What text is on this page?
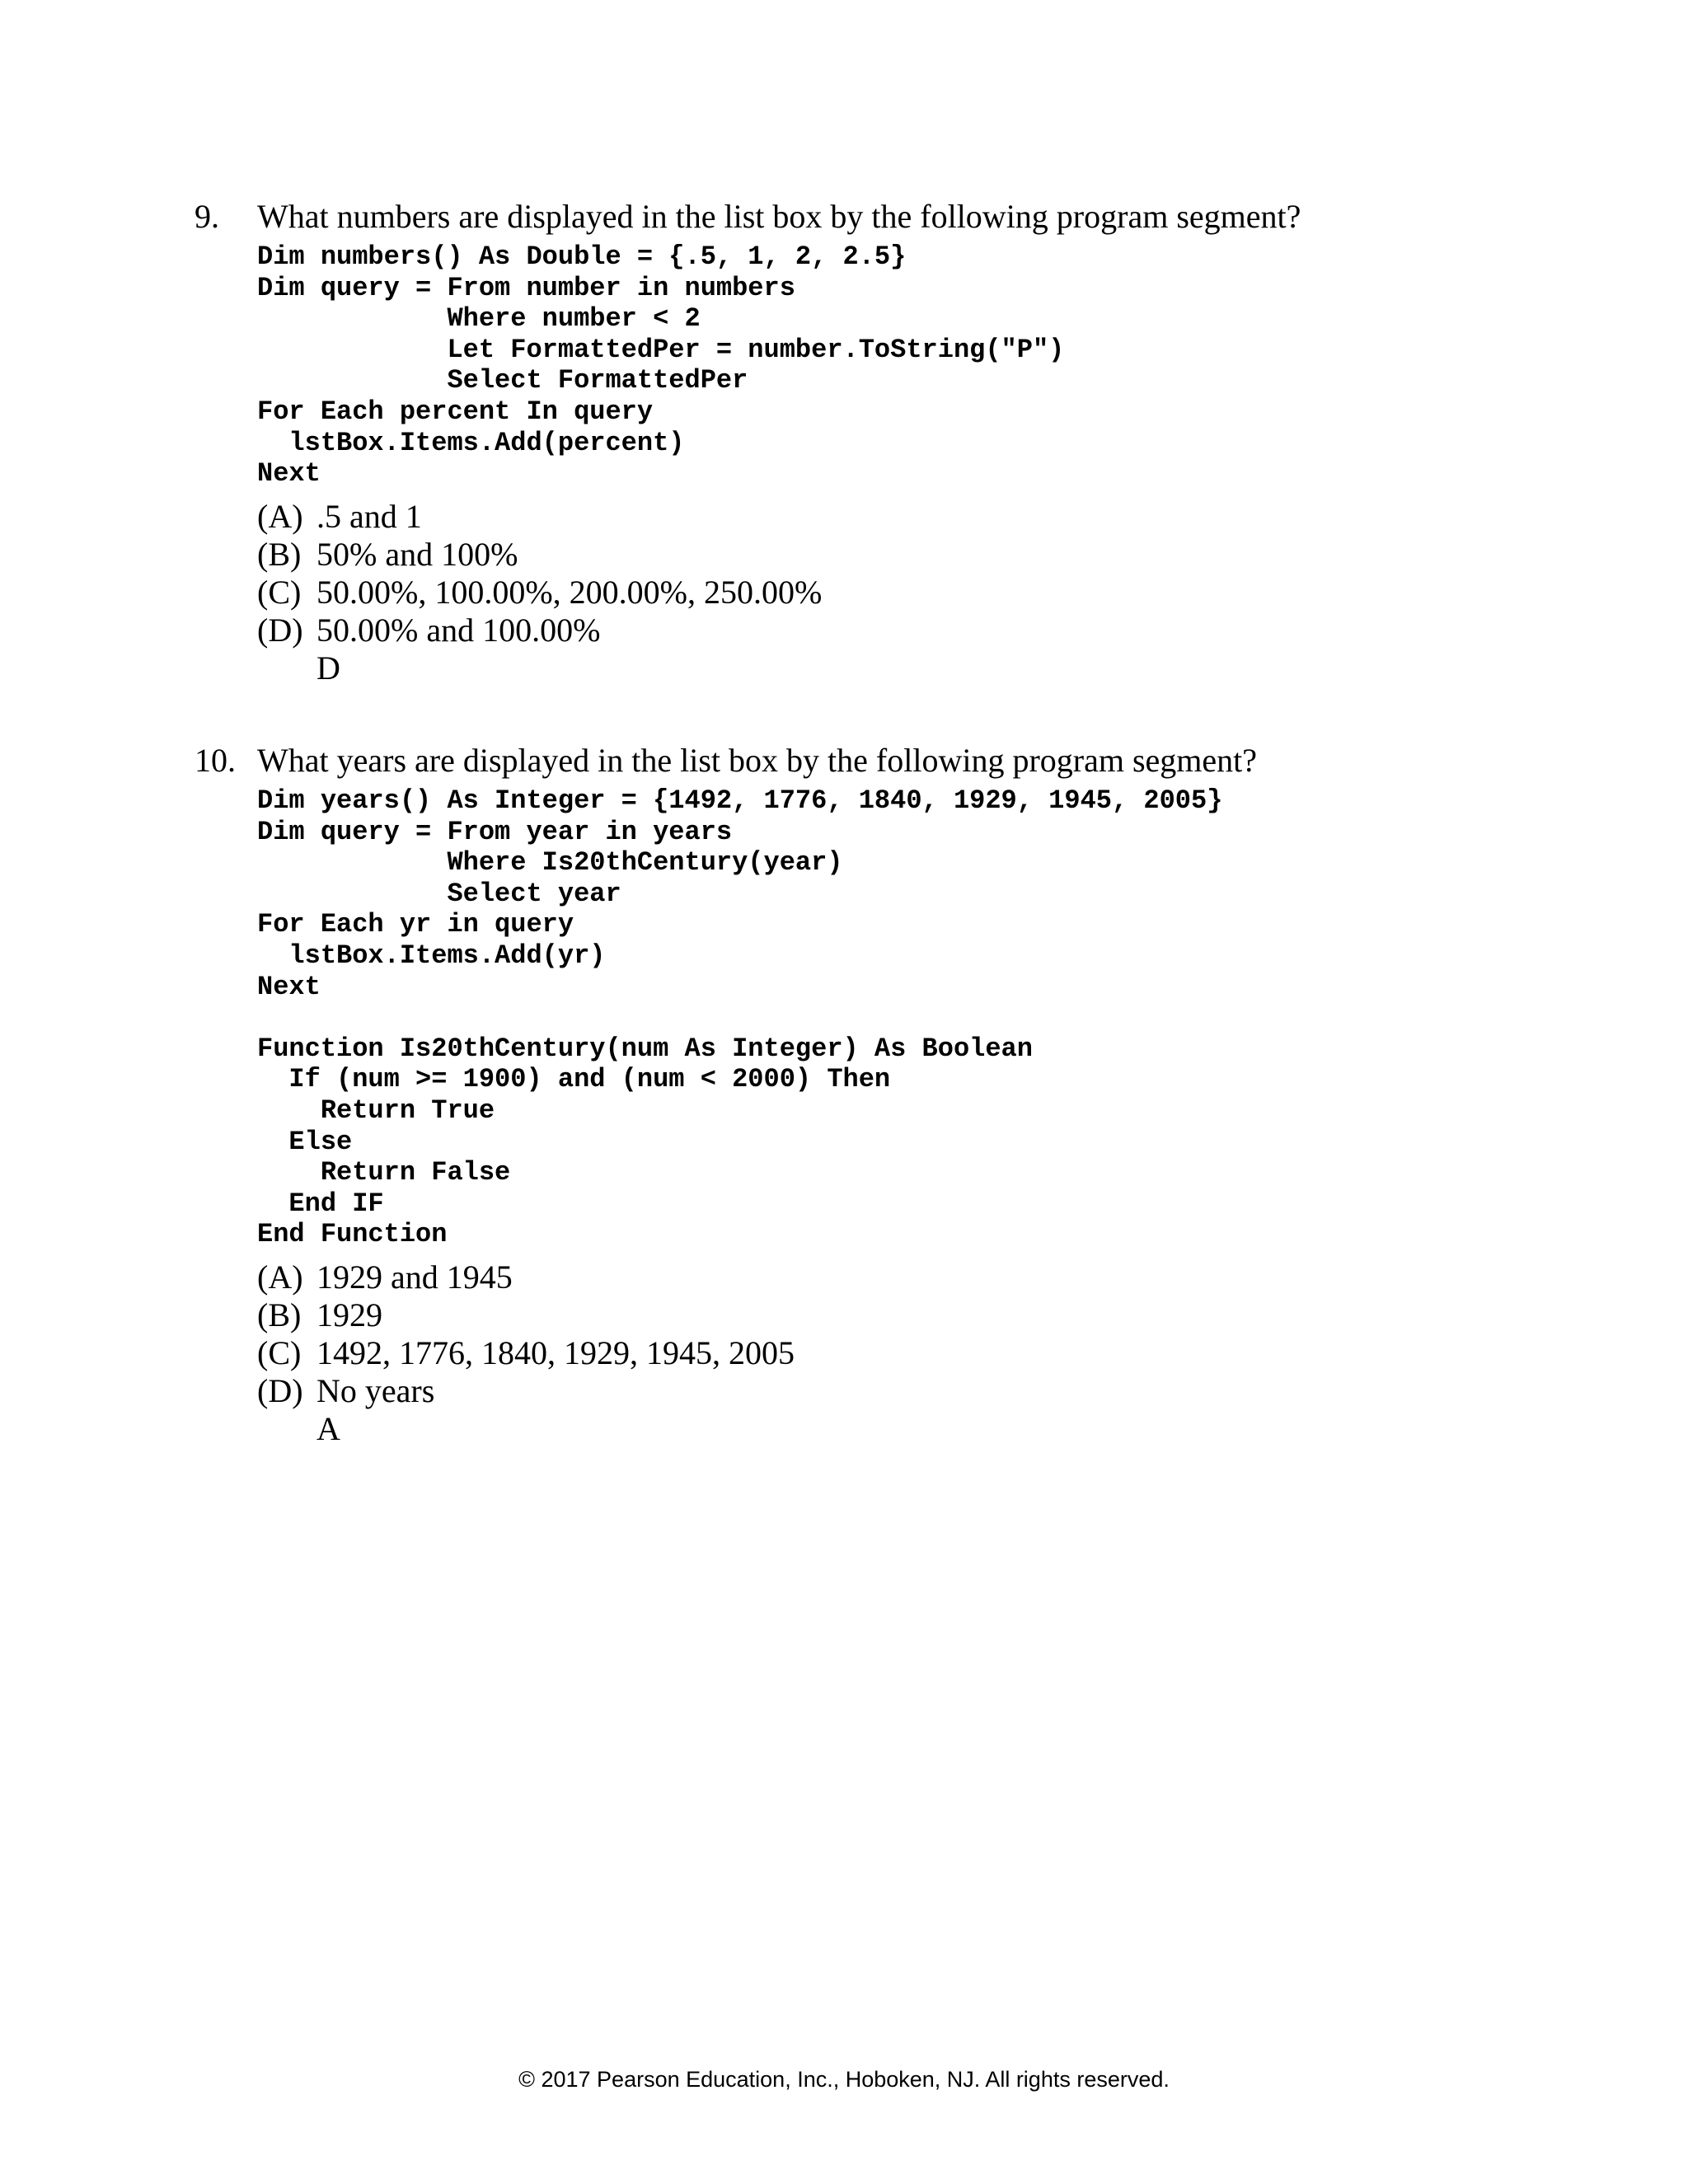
9. What numbers are displayed in the list box by the following program segment?
Dim numbers() As Double = {.5, 1, 2, 2.5}
Dim query = From number in numbers
Where number < 2
Let FormattedPer = number.ToString("P")
Select FormattedPer
For Each percent In query
lstBox.Items.Add(percent)
Next
(A) .5 and 1
(B) 50% and 100%
(C) 50.00%, 100.00%, 200.00%, 250.00%
(D) 50.00% and 100.00%
D
10. What years are displayed in the list box by the following program segment?
Dim years() As Integer = {1492, 1776, 1840, 1929, 1945, 2005}
Dim query = From year in years
Where Is20thCentury(year)
Select year
For Each yr in query
lstBox.Items.Add(yr)
Next
Function Is20thCentury(num As Integer) As Boolean
If (num >= 1900) and (num < 2000) Then
Return True
Else
Return False
End IF
End Function
(A) 1929 and 1945
(B) 1929
(C) 1492, 1776, 1840, 1929, 1945, 2005
(D) No years
A
© 2017 Pearson Education, Inc., Hoboken, NJ. All rights reserved.
